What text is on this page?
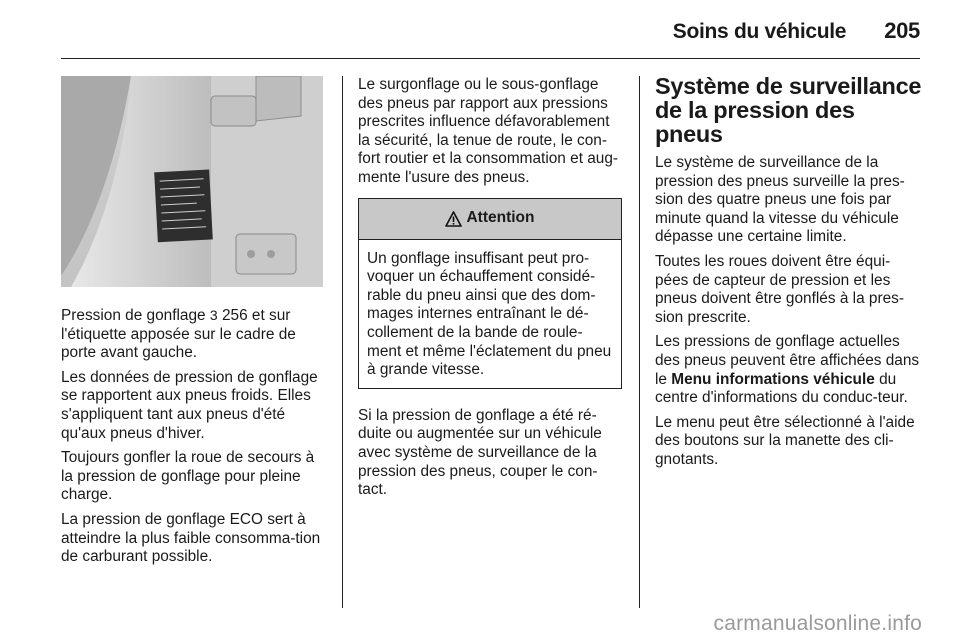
Soins du véhicule 205

Pression de gonflage 3 256 et sur l'étiquette apposée sur le cadre de porte avant gauche.

Les données de pression de gonflage se rapportent aux pneus froids. Elles s'appliquent tant aux pneus d'été qu'aux pneus d'hiver.

Toujours gonfler la roue de secours à la pression de gonflage pour pleine charge.

La pression de gonflage ECO sert à atteindre la plus faible consomma-tion de carburant possible.

Le surgonflage ou le sous-gonflage des pneus par rapport aux pressions prescrites influence défavorablement la sécurité, la tenue de route, le con-fort routier et la consommation et aug-mente l'usure des pneus.

Attention
Un gonflage insuffisant peut pro-voquer un échauffement considé-rable du pneu ainsi que des dom-mages internes entraînant le dé-collement de la bande de roule-ment et même l'éclatement du pneu à grande vitesse.

Si la pression de gonflage a été ré-duite ou augmentée sur un véhicule avec système de surveillance de la pression des pneus, couper le con-tact.

Système de surveillance de la pression des pneus

Le système de surveillance de la pression des pneus surveille la pres-sion des quatre pneus une fois par minute quand la vitesse du véhicule dépasse une certaine limite.

Toutes les roues doivent être équi-pées de capteur de pression et les pneus doivent être gonflés à la pres-sion prescrite.

Les pressions de gonflage actuelles des pneus peuvent être affichées dans le Menu informations véhicule du centre d'informations du conduc-teur.

Le menu peut être sélectionné à l'aide des boutons sur la manette des cli-gnotants.

carmanualsonline.info
